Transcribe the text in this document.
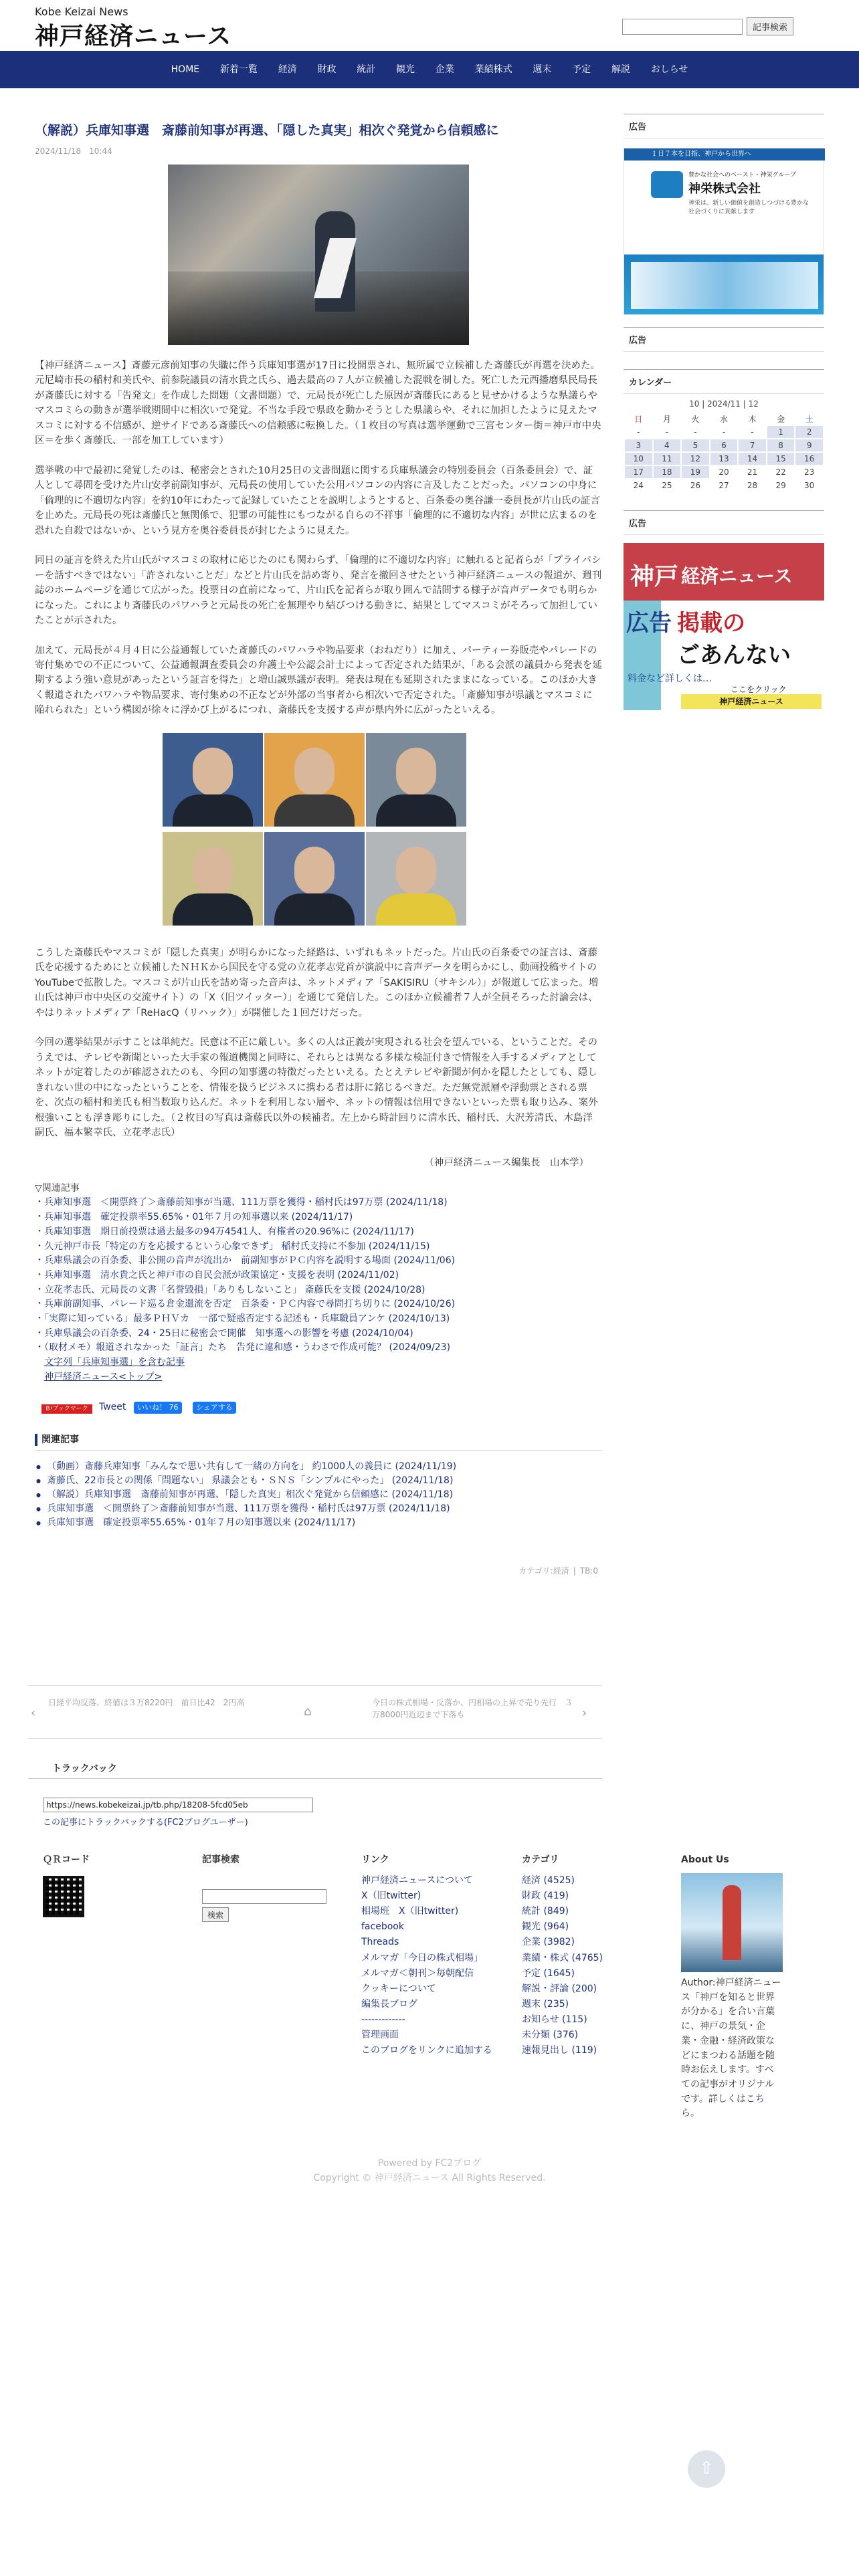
Kobe Keizai News
神戸経済ニュース	記事検索
HOME 新着一覧 経済 財政 統計 観光 企業 業績株式 週末 予定 解説 おしらせ
（解説）兵庫知事選　斎藤前知事が再選、「隠した真実」相次ぐ発覚から信頼感に
2024/11/18　10:44

【神戸経済ニュース】斎藤元彦前知事の失職に伴う兵庫知事選が17日に投開票され、無所属で立候補した斎藤氏が再選を決めた。元尼崎市長の稲村和美氏や、前参院議員の清水貴之氏ら、過去最高の７人が立候補した混戦を制した。死亡した元西播磨県民局長が斎藤氏に対する「告発文」を作成した問題（文書問題）で、元局長が死亡した原因が斎藤氏にあると見せかけるような県議らやマスコミらの動きが選挙戦期間中に相次いで発覚。不当な手段で県政を動かそうとした県議らや、それに加担したように見えたマスコミに対する不信感が、逆サイドである斎藤氏への信頼感に転換した。（１枚目の写真は選挙運動で三宮センター街＝神戸市中央区＝を歩く斎藤氏、一部を加工しています）

選挙戦の中で最初に発覚したのは、秘密会とされた10月25日の文書問題に関する兵庫県議会の特別委員会（百条委員会）で、証人として尋問を受けた片山安孝前副知事が、元局長の使用していた公用パソコンの内容に言及したことだった。パソコンの中身に「倫理的に不適切な内容」を約10年にわたって記録していたことを説明しようとすると、百条委の奥谷謙一委員長が片山氏の証言を止めた。元局長の死は斎藤氏と無関係で、犯罪の可能性にもつながる自らの不祥事「倫理的に不適切な内容」が世に広まるのを恐れた自殺ではないか、という見方を奥谷委員長が封じたように見えた。

同日の証言を終えた片山氏がマスコミの取材に応じたのにも関わらず、「倫理的に不適切な内容」に触れると記者らが「プライバシーを話すべきではない」「許されないことだ」などと片山氏を詰め寄り、発言を撤回させたという神戸経済ニュースの報道が、週刊誌のホームページを通じて広がった。投票日の直前になって、片山氏を記者らが取り囲んで詰問する様子が音声データでも明らかになった。これにより斎藤氏のパワハラと元局長の死亡を無理やり結びつける動きに、結果としてマスコミがそろって加担していたことが示された。

加えて、元局長が４月４日に公益通報していた斎藤氏のパワハラや物品要求（おねだり）に加え、パーティー券販売やパレードの寄付集めでの不正について、公益通報調査委員会の弁護士や公認会計士によって否定された結果が、「ある会派の議員から発表を延期するよう強い意見があったという証言を得た」と増山誠県議が表明。発表は現在も延期されたままになっている。このほか大きく報道されたパワハラや物品要求、寄付集めの不正などが外部の当事者から相次いで否定された。「斎藤知事が県議とマスコミに陥れられた」という構図が徐々に浮かび上がるにつれ、斎藤氏を支援する声が県内外に広がったといえる。

こうした斎藤氏やマスコミが「隠した真実」が明らかになった経路は、いずれもネットだった。片山氏の百条委での証言は、斎藤氏を応援するためにと立候補したＮＨＫから国民を守る党の立花孝志党首が演説中に音声データを明らかにし、動画投稿サイトのYouTubeで拡散した。マスコミが片山氏を詰め寄った音声は、ネットメディア「SAKISIRU（サキシル）」が報道して広まった。増山氏は神戸市中央区の交流サイト）の「X（旧ツイッター）」を通じて発信した。このほか立候補者７人が全員そろった討論会は、やはりネットメディア「ReHacQ（リハック）」が開催した１回だけだった。

今回の選挙結果が示すことは単純だ。民意は不正に厳しい。多くの人は正義が実現される社会を望んでいる、ということだ。そのうえでは、テレビや新聞といった大手家の報道機関と同時に、それらとは異なる多様な検証付きで情報を入手するメディアとしてネットが定着したのが確認されたのも、今回の知事選の特徴だったといえる。たとえテレビや新聞が何かを隠したとしても、隠しきれない世の中になったということを、情報を扱うビジネスに携わる者は肝に銘じるべきだ。ただ無党派層や浮動票とされる票を、次点の稲村和美氏も相当数取り込んだ。ネットを利用しない層や、ネットの情報は信用できないといった票も取り込み、案外根強いことも浮き彫りにした。（２枚目の写真は斎藤氏以外の候補者。左上から時計回りに清水氏、稲村氏、大沢芳清氏、木島洋嗣氏、福本繁幸氏、立花孝志氏）

（神戸経済ニュース編集長　山本学）
▽関連記事
・兵庫知事選　＜開票終了＞斎藤前知事が当選、111万票を獲得・稲村氏は97万票 (2024/11/18)
・兵庫知事選　確定投票率55.65%・01年７月の知事選以来 (2024/11/17)
・兵庫知事選　期日前投票は過去最多の94万4541人、有権者の20.96%に (2024/11/17)
・久元神戸市長「特定の方を応援するという心象できず」 稲村氏支持に不参加 (2024/11/15)
・兵庫県議会の百条委、非公開の音声が流出か　前副知事がＰＣ内容を説明する場面 (2024/11/06)
・兵庫知事選　清水貴之氏と神戸市の自民会派が政策協定・支援を表明 (2024/11/02)
・立花孝志氏、元局長の文書「名誉毀損」「ありもしないこと」 斎藤氏を支援 (2024/10/28)
・兵庫前副知事、パレード巡る倉金還流を否定　百条委・ＰＣ内容で尋問打ち切りに (2024/10/26)
・「実際に知っている」最多ＰＨＶカ　一部で疑惑否定する記述も・兵庫職員アンケ (2024/10/13)
・兵庫県議会の百条委、24・25日に秘密会で開催　知事選への影響を考慮 (2024/10/04)
・（取材メモ）報道されなかった「証言」たち　告発に違和感・うわさで作成可能？ (2024/09/23)
文字列「兵庫知事選」を含む記事
神戸経済ニュース<トップ>
B!ブックマーク	Tweet	いいね！ 76	シェアする
関連記事
● （動画）斎藤兵庫知事「みんなで思い共有して一緒の方向を」 約1000人の義員に (2024/11/19)
● 斎藤氏、22市長との関係「問題ない」 県議会とも・ＳＮＳ「シンプルにやった」 (2024/11/18)
● （解説）兵庫知事選　斎藤前知事が再選、「隠した真実」相次ぐ発覚から信頼感に (2024/11/18)
● 兵庫知事選　＜開票終了＞斎藤前知事が当選、111万票を獲得・稲村氏は97万票 (2024/11/18)
● 兵庫知事選　確定投票率55.65%・01年７月の知事選以来 (2024/11/17)
カテゴリ:経済 | TB:0
‹
日経平均反落、終値は３万8220円　前日比42　2円高
⌂
今日の株式相場・反落か、円相場の上昇で売り先行　３万8000円近辺まで下落も	›
トラックバック
https://news.kobekeizai.jp/tb.php/18208-5fcd05eb
この記事にトラックバックする(FC2ブログユーザー)
広告
１日７本を目指、神戸から世界へ
豊かな社会へのベースト・神栄グループ
神栄株式会社
神栄は、新しい価値を創造しつづける豊かな社会づくりに貢献します
広告
カレンダー
10 | 2024/11 | 12
日	月	火	水	木	金	土
-	-	-	-	-	1	2
3	4	5	6	7	8	9
10	11	12	13	14	15	16
17	18	19	20	21	22	23
24	25	26	27	28	29	30
広告
神戸 経済ニュース
広告 掲載の
ごあんない
料金など詳しくは…
ここをクリック
神戸経済ニュース
ＱＲコード	記事検索
検索
リンク
神戸経済ニュースについて
X（旧twitter)
相場班　X（旧twitter)
facebook
Threads
メルマガ「今日の株式相場」
メルマガ＜朝刊＞毎朝配信
クッキーについて
編集長ブログ
-------------
管理画面
このブログをリンクに追加する
カテゴリ
経済 (4525)
財政 (419)
統計 (849)
観光 (964)
企業 (3982)
業績・株式 (4765)
予定 (1645)
解説・評論 (200)
週末 (235)
お知らせ (115)
未分類 (376)
速報見出し (119)
About Us
Author:神戸経済ニュース「神戸を知ると世界が分かる」を合い言葉に、神戸の景気・企業・金融・経済政策などにまつわる話題を随時お伝えします。すべての記事がオリジナルです。詳しくはこちら。
Powered by FC2ブログ
Copyright © 神戸経済ニュース All Rights Reserved.
⇧
